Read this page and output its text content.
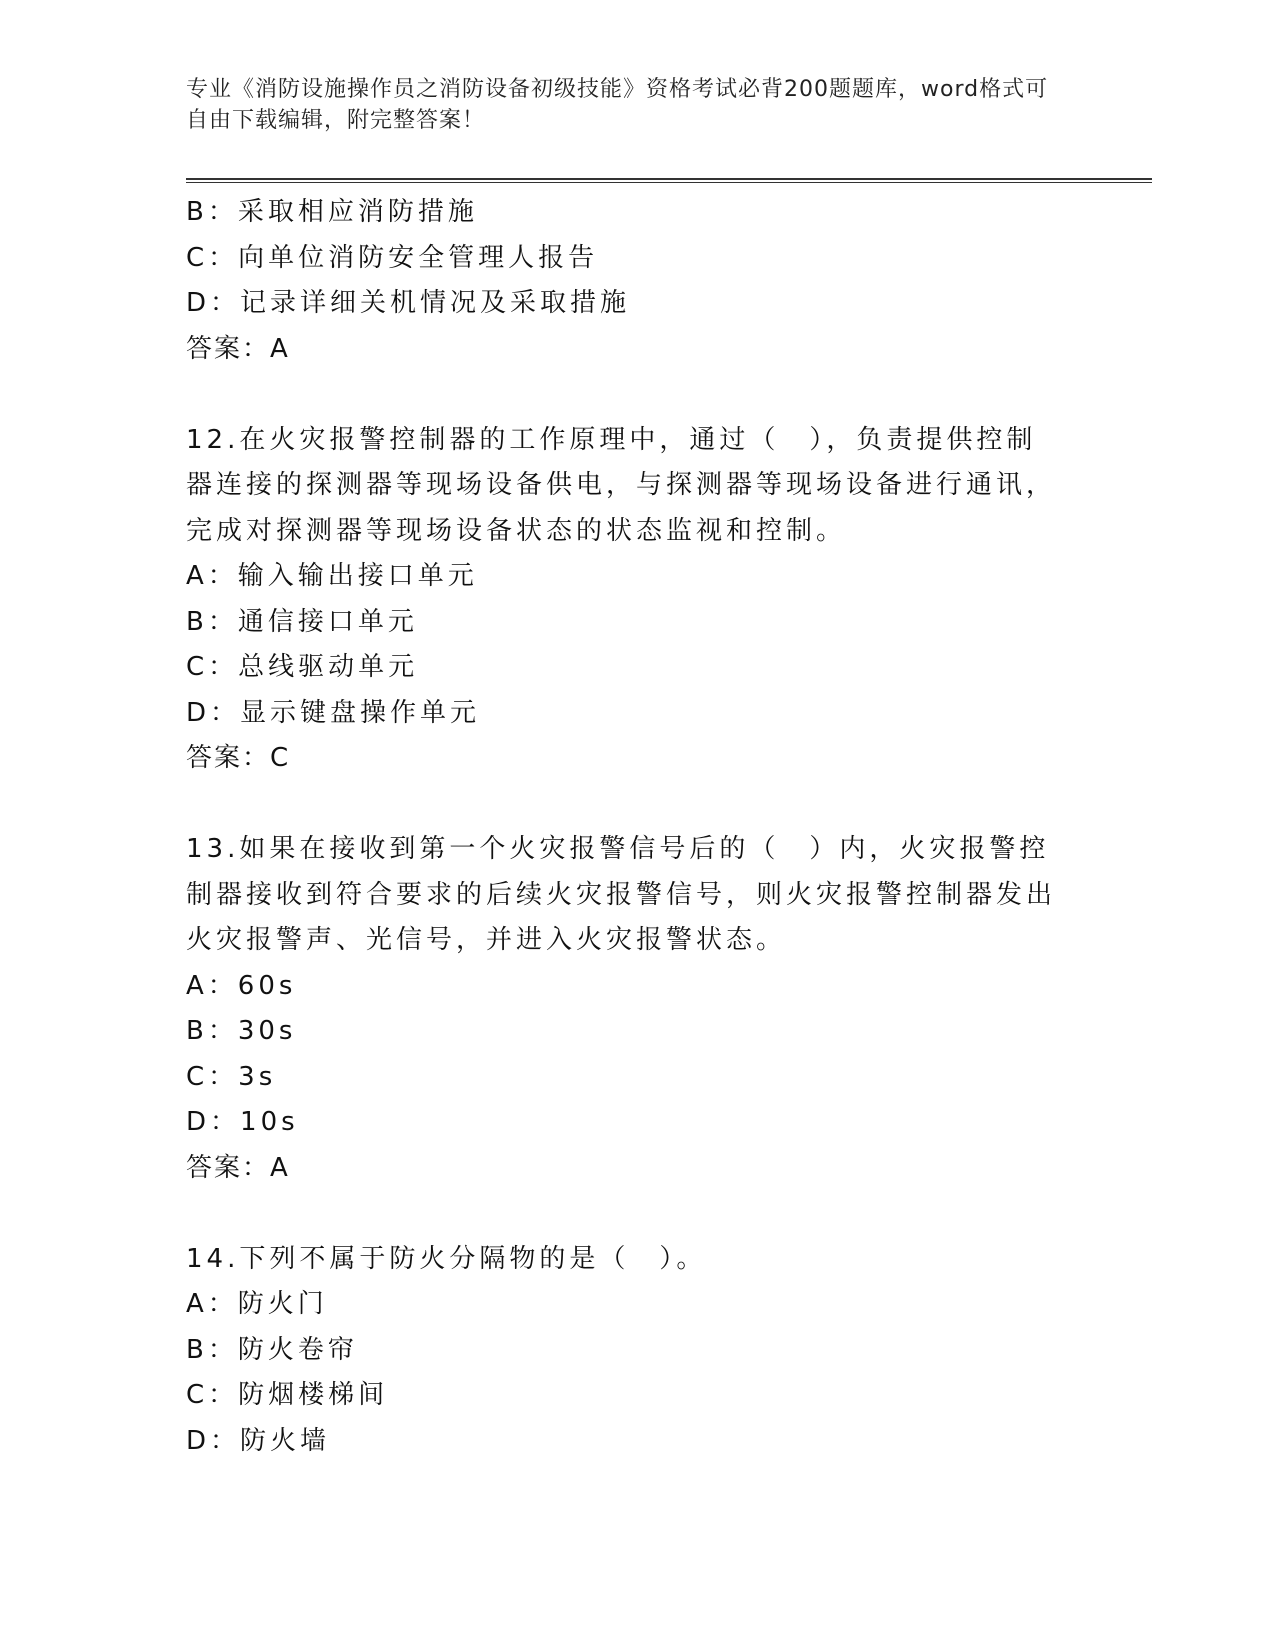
专业《消防设施操作员之消防设备初级技能》资格考试必背200题题库，word格式可自由下载编辑，附完整答案！
B：采取相应消防措施
C：向单位消防安全管理人报告
D：记录详细关机情况及采取措施
答案：A
12.在火灾报警控制器的工作原理中，通过（　），负责提供控制器连接的探测器等现场设备供电，与探测器等现场设备进行通讯，完成对探测器等现场设备状态的状态监视和控制。
A：输入输出接口单元
B：通信接口单元
C：总线驱动单元
D：显示键盘操作单元
答案：C
13.如果在接收到第一个火灾报警信号后的（　）内，火灾报警控制器接收到符合要求的后续火灾报警信号，则火灾报警控制器发出火灾报警声、光信号，并进入火灾报警状态。
A：60s
B：30s
C：3s
D：10s
答案：A
14.下列不属于防火分隔物的是（　）。
A：防火门
B：防火卷帘
C：防烟楼梯间
D：防火墙
